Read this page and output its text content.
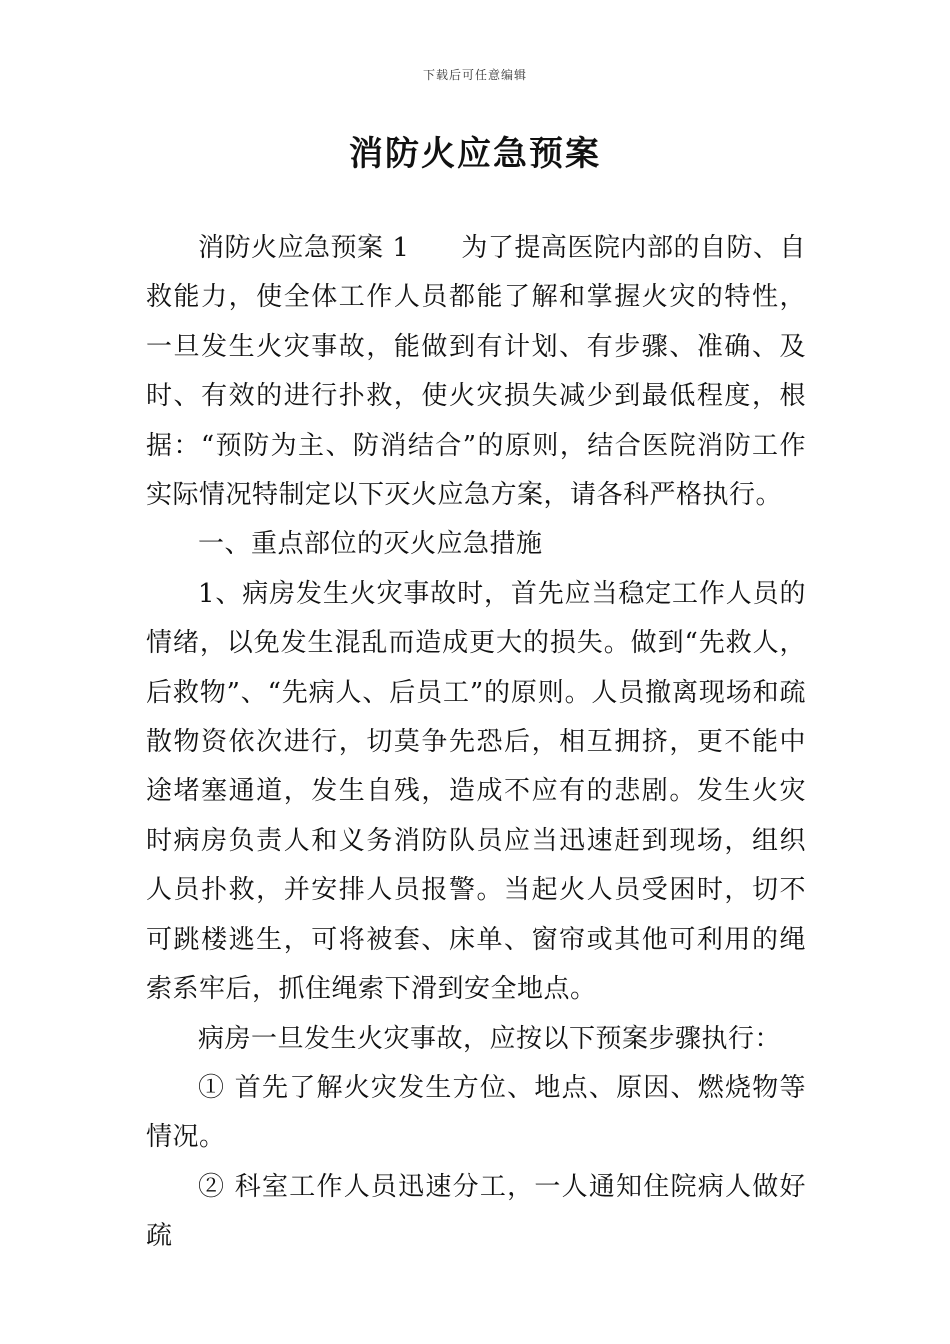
下载后可任意编辑
消防火应急预案

消防火应急预案 1 为了提高医院内部的自防、自救能力，使全体工作人员都能了解和掌握火灾的特性，一旦发生火灾事故，能做到有计划、有步骤、准确、及时、有效的进行扑救，使火灾损失减少到最低程度，根据：“预防为主、防消结合”的原则，结合医院消防工作实际情况特制定以下灭火应急方案，请各科严格执行。

一、重点部位的灭火应急措施

1、病房发生火灾事故时，首先应当稳定工作人员的情绪，以免发生混乱而造成更大的损失。做到“先救人，后救物”、“先病人、后员工”的原则。人员撤离现场和疏散物资依次进行，切莫争先恐后，相互拥挤，更不能中途堵塞通道，发生自残，造成不应有的悲剧。发生火灾时病房负责人和义务消防队员应当迅速赶到现场，组织人员扑救，并安排人员报警。当起火人员受困时，切不可跳楼逃生，可将被套、床单、窗帘或其他可利用的绳索系牢后，抓住绳索下滑到安全地点。

病房一旦发生火灾事故，应按以下预案步骤执行：

① 首先了解火灾发生方位、地点、原因、燃烧物等情况。

② 科室工作人员迅速分工，一人通知住院病人做好疏
